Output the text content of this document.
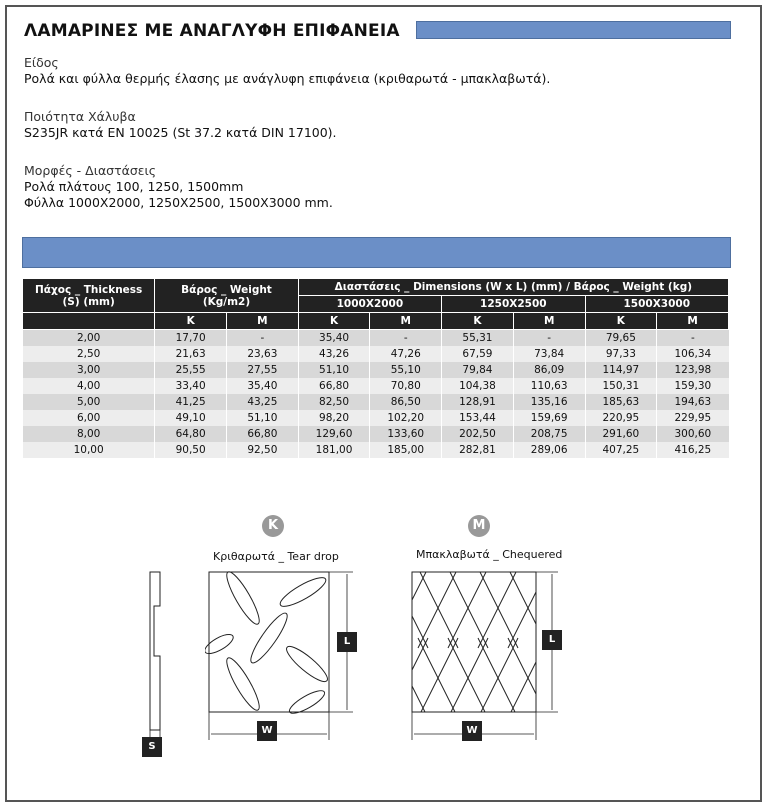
ΛΑΜΑΡΙΝΕΣ ΜΕ ΑΝΑΓΛΥΦΗ ΕΠΙΦΑΝΕΙΑ
Είδος
Ρολά και φύλλα θερμής έλασης με ανάγλυφη επιφάνεια (κριθαρωτά - μπακλαβωτά).
Ποιότητα Χάλυβα
S235JR κατά EN 10025 (St 37.2 κατά DIN 17100).
Μορφές - Διαστάσεις
Ρολά πλάτους 100, 1250, 1500mm
Φύλλα 1000X2000, 1250X2500, 1500X3000 mm.
Πάχος _ Thickness (S) (mm)	Βάρος _ Weight (Kg/m2)		Διαστάσεις _ Dimensions (W x L) (mm) / Βάρος _ Weight (kg)					
			1000X2000		1250X2500		1500X3000	
	K	M	K	M	K	M	K	M
2,00	17,70	-	35,40	-	55,31	-	79,65	-
2,50	21,63	23,63	43,26	47,26	67,59	73,84	97,33	106,34
3,00	25,55	27,55	51,10	55,10	79,84	86,09	114,97	123,98
4,00	33,40	35,40	66,80	70,80	104,38	110,63	150,31	159,30
5,00	41,25	43,25	82,50	86,50	128,91	135,16	185,63	194,63
6,00	49,10	51,10	98,20	102,20	153,44	159,69	220,95	229,95
8,00	64,80	66,80	129,60	133,60	202,50	208,75	291,60	300,60
10,00	90,50	92,50	181,00	185,00	282,81	289,06	407,25	416,25
K	M
Κριθαρωτά _ Tear drop	Μπακλαβωτά _ Chequered
S
L
W
L
W
